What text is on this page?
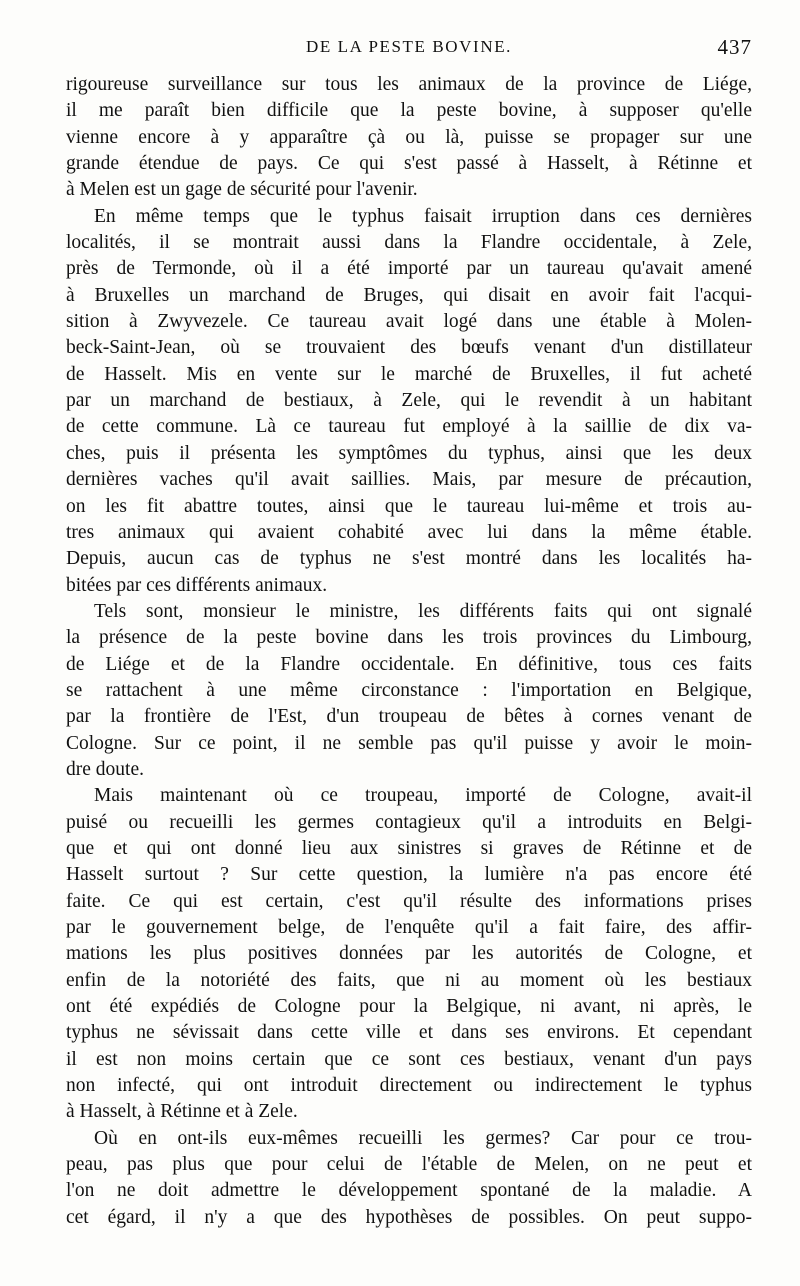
DE LA PESTE BOVINE.	437
rigoureuse surveillance sur tous les animaux de la province de Liége,
il me paraît bien difficile que la peste bovine, à supposer qu'elle
vienne encore à y apparaître çà ou là, puisse se propager sur une
grande étendue de pays. Ce qui s'est passé à Hasselt, à Rétinne et
à Melen est un gage de sécurité pour l'avenir.
En même temps que le typhus faisait irruption dans ces dernières
localités, il se montrait aussi dans la Flandre occidentale, à Zele,
près de Termonde, où il a été importé par un taureau qu'avait amené
à Bruxelles un marchand de Bruges, qui disait en avoir fait l'acqui-
sition à Zwyvezele. Ce taureau avait logé dans une étable à Molen-
beck-Saint-Jean, où se trouvaient des bœufs venant d'un distillateur
de Hasselt. Mis en vente sur le marché de Bruxelles, il fut acheté
par un marchand de bestiaux, à Zele, qui le revendit à un habitant
de cette commune. Là ce taureau fut employé à la saillie de dix va-
ches, puis il présenta les symptômes du typhus, ainsi que les deux
dernières vaches qu'il avait saillies. Mais, par mesure de précaution,
on les fit abattre toutes, ainsi que le taureau lui-même et trois au-
tres animaux qui avaient cohabité avec lui dans la même étable.
Depuis, aucun cas de typhus ne s'est montré dans les localités ha-
bitées par ces différents animaux.
Tels sont, monsieur le ministre, les différents faits qui ont signalé
la présence de la peste bovine dans les trois provinces du Limbourg,
de Liége et de la Flandre occidentale. En définitive, tous ces faits
se rattachent à une même circonstance : l'importation en Belgique,
par la frontière de l'Est, d'un troupeau de bêtes à cornes venant de
Cologne. Sur ce point, il ne semble pas qu'il puisse y avoir le moin-
dre doute.
Mais maintenant où ce troupeau, importé de Cologne, avait-il
puisé ou recueilli les germes contagieux qu'il a introduits en Belgi-
que et qui ont donné lieu aux sinistres si graves de Rétinne et de
Hasselt surtout ? Sur cette question, la lumière n'a pas encore été
faite. Ce qui est certain, c'est qu'il résulte des informations prises
par le gouvernement belge, de l'enquête qu'il a fait faire, des affir-
mations les plus positives données par les autorités de Cologne, et
enfin de la notoriété des faits, que ni au moment où les bestiaux
ont été expédiés de Cologne pour la Belgique, ni avant, ni après, le
typhus ne sévissait dans cette ville et dans ses environs. Et cependant
il est non moins certain que ce sont ces bestiaux, venant d'un pays
non infecté, qui ont introduit directement ou indirectement le typhus
à Hasselt, à Rétinne et à Zele.
Où en ont-ils eux-mêmes recueilli les germes? Car pour ce trou-
peau, pas plus que pour celui de l'étable de Melen, on ne peut et
l'on ne doit admettre le développement spontané de la maladie. A
cet égard, il n'y a que des hypothèses de possibles. On peut suppo-
